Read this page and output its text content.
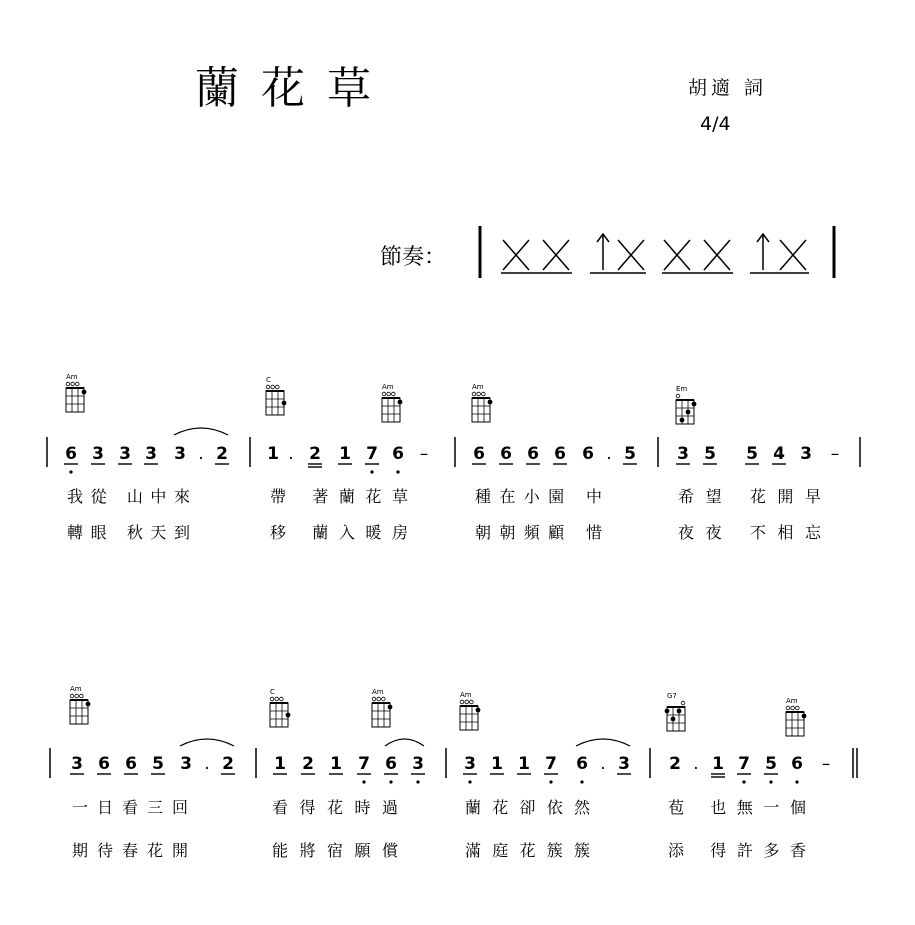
蘭花草	胡適 詞
4/4
節奏：
Am	C
Am	Am	Em
Am	C	Am	Am	G7
Am
6 3 3 3 3 . 2
我從 山中來
轉眼 秋天到
1 . 2 1 7 6 –
帶 著蘭花草
移 蘭入暖房
6 6 6 6 6 . 5
種在小園 中
朝朝頻顧 惜
3 5 5 4 3 –
希望 花開早
夜夜 不相忘
3 6 6 5 3 . 2
一日看三回
期待春花開
1 2 1 7 6 3
看得花時過
能將宿願償
3 1 1 7 6 . 3
蘭花卻依然
滿庭花簇簇
2 . 1 7 5 6 –
苞 也無一個
添 得許多香
